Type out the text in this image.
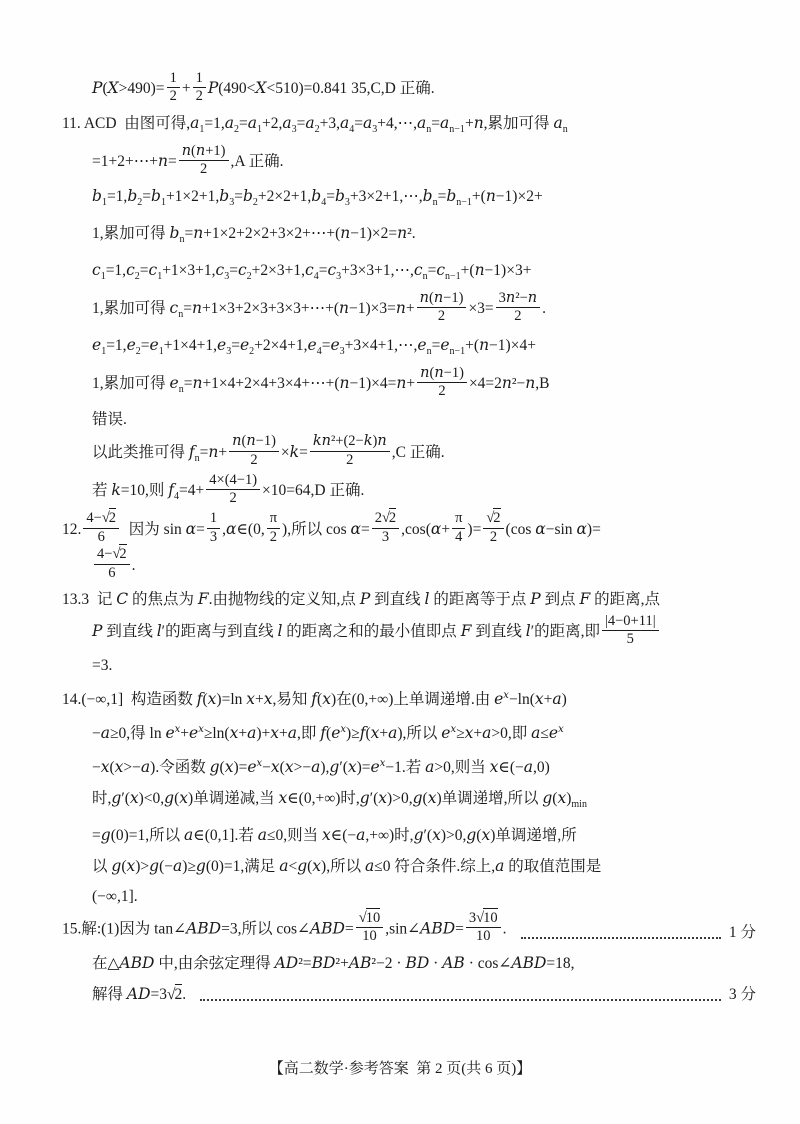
$P(X>490)= \frac{1}{2} + \frac{1}{2} P(490<X<510)=0.841$ 35,C,D 正确.
11. ACD  由图可得$,a_1=1,a_2=a_1+2,a_3=a_2+3,a_4=a_3+4,\cdots,a_n=a_{n-1}+n$,累加可得 $a_n$
=1+2+⋯+n= $\frac{n(n+1)}{2} ,A$ 正确.
$b_1=1,b_2=b_1+1\times 2+1,b_3=b_2+2\times 2+1,b_4=b_3+3\times 2+1,\cdots,b_n=b_{n-1}+(n-1)\times 2+$
1,累加可得 $b_n=n+1\times 2+2\times 2+3\times 2+\cdots+(n-1)\times 2=n^2$.
$c_1=1,c_2=c_1+1\times 3+1,c_3=c_2+2\times 3+1,c_4=c_3+3\times 3+1,\cdots,c_n=c_{n-1}+(n-1)\times 3+$
1,累加可得 $c_n=n+1\times 3+2\times 3+3\times 3+\cdots+(n-1)\times 3=n+ \frac{n(n-1)}{2} \times 3= \frac{\text{3n²−n}}{2}$ .
$e_1=1,e_2=e_1+1\times 4+1,e_3=e_2+2\times 4+1,e_4=e_3+3\times 4+1,\cdots,e_n=e_{n-1}+(n-1)\times 4+$
1,累加可得 $e_n=n+1\times 4+2\times 4+3\times 4+\cdots+(n-1)\times 4=n+ \frac{n(n-1)}{2} \times 4=2n^2-n,B$
错误.
以此类推可得 $f_n=n+ \frac{n(n-1)}{2} \times k= \frac{\text{kn²+(2−k)n}}{2} ,C$ 正确.
若 k=10,则 $f_4=4+ \frac{4\times(4-1)}{2} \times 10=64,D$ 正确.
12. $\frac{4-√2}{6}$ 因为 $\sin \alpha= \frac{1}{3}$ ,α∈(0, $\frac{\pi}{2}$ ),所以 $\cos \alpha= \frac{2√2}{3} ,\cos(\alpha+ \frac{\pi}{4}$ )= $\frac{√2}{2} (\cos$ α−sin α)=
$\frac{4-√2}{6}$ .
13.3  记 C 的焦点为 F.由抛物线的定义知,点 P 到直线 l 的距离等于点 P 到点 F 的距离,点
P 到直线 l′的距离与到直线 l 的距离之和的最小值即点 F 到直线 l′的距离,即 $\frac{|4-0+11|}{5}$
=3.
14.(−∞,1]  构造函数 f(x)=ln x+x,易知 f(x)在(0,+∞)上单调递增.由 $e^x-\ln(x+a)$
−a≥0,得 $\ln e^x+e^x\ge\ln(x+a)+x+a$,即 $f(e^x)\ge f(x+a)$,所以 $e^x\ge x+a>0$,即 $a\le e^x$
−x(x>−a).令函数 $g(x)=e^x-x(x>-a),g'(x)=e^x-1$.若 a>0,则当 x∈(−a,0)
时,g′(x)<0,g(x)单调递减,当 x∈(0,+∞)时,g′(x)>0,g(x)单调递增,所以 $g(x)_{min}$
=g(0)=1,所以 a∈(0,1].若 a≤0,则当 x∈(−a,+∞)时,g′(x)>0,g(x)单调递增,所
以 g(x)>g(−a)≥g(0)=1,满足 a<g(x),所以 a≤0 符合条件.综上,a 的取值范围是
(−∞,1].
15.解:(1)因为 tan∠ABD=3,所以 cos∠ABD= $\frac{√10}{10}$ ,sin∠ABD= $\frac{3√10}{10}$ .	1 分
在△ABD 中,由余弦定理得 AD²=BD²+AB²−2 · BD · AB · cos∠ABD=18,
解得 AD=3√2.	3 分
【高二数学·参考答案  第 2 页(共 6 页)】
